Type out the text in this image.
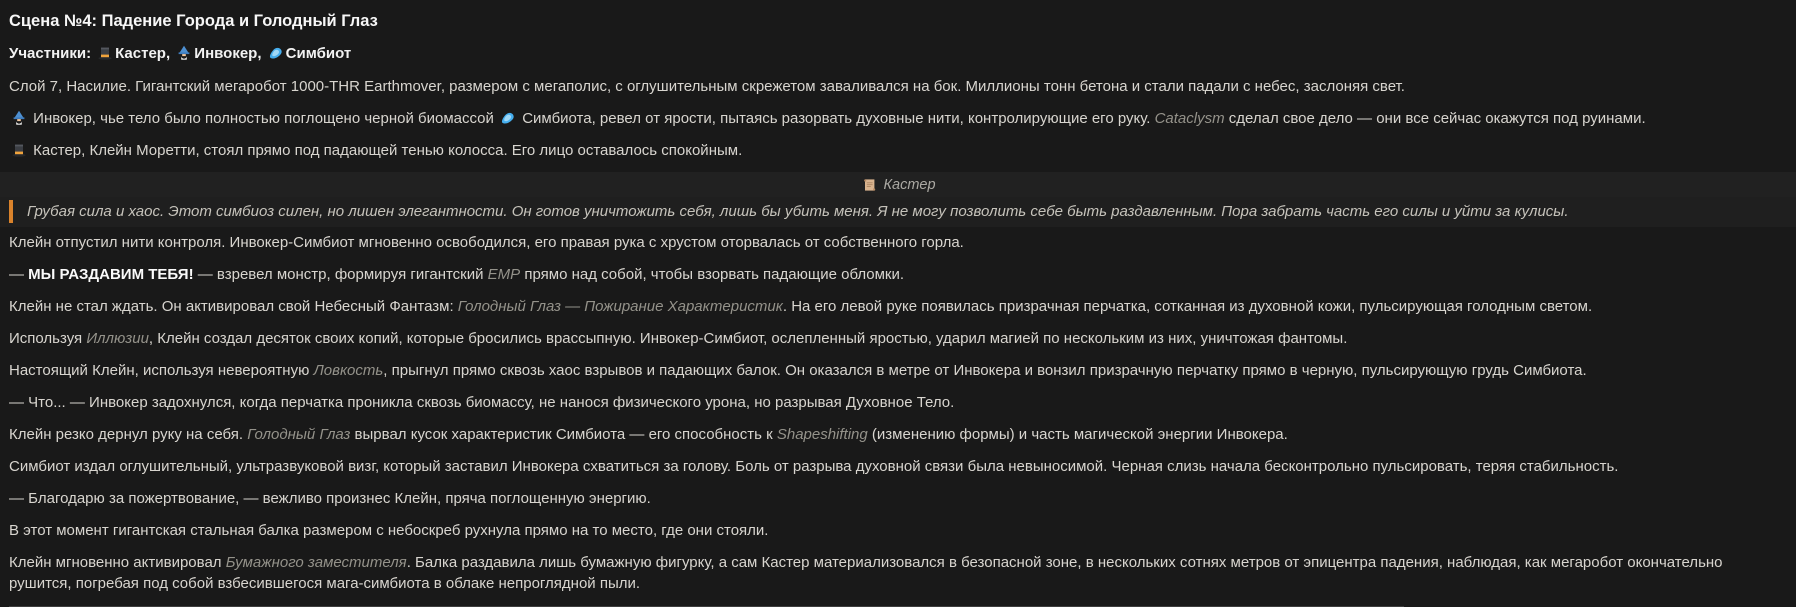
Сцена №4: Падение Города и Голодный Глаз
Участники: Кастер, Инвокер, Симбиот

Слой 7, Насилие. Гигантский мегаробот 1000-THR Earthmover, размером с мегаполис, с оглушительным скрежетом заваливался на бок. Миллионы тонн бетона и стали падали с небес, заслоняя свет.

Инвокер, чье тело было полностью поглощено черной биомассой  Симбиота, ревел от ярости, пытаясь разорвать духовные нити, контролирующие его руку. Cataclysm сделал свое дело — они все сейчас окажутся под руинами.

Кастер, Клейн Моретти, стоял прямо под падающей тенью колосса. Его лицо оставалось спокойным.

Кастер
Грубая сила и хаос. Этот симбиоз силен, но лишен элегантности. Он готов уничтожить себя, лишь бы убить меня. Я не могу позволить себе быть раздавленным. Пора забрать часть его силы и уйти за кулисы.

Клейн отпустил нити контроля. Инвокер-Симбиот мгновенно освободился, его правая рука с хрустом оторвалась от собственного горла.

— МЫ РАЗДАВИМ ТЕБЯ! — взревел монстр, формируя гигантский EMP прямо над собой, чтобы взорвать падающие обломки.

Клейн не стал ждать. Он активировал свой Небесный Фантазм: Голодный Глаз — Пожирание Характеристик. На его левой руке появилась призрачная перчатка, сотканная из духовной кожи, пульсирующая голодным светом.

Используя Иллюзии, Клейн создал десяток своих копий, которые бросились врассыпную. Инвокер-Симбиот, ослепленный яростью, ударил магией по нескольким из них, уничтожая фантомы.

Настоящий Клейн, используя невероятную Ловкость, прыгнул прямо сквозь хаос взрывов и падающих балок. Он оказался в метре от Инвокера и вонзил призрачную перчатку прямо в черную, пульсирующую грудь Симбиота.

— Что... — Инвокер задохнулся, когда перчатка проникла сквозь биомассу, не нанося физического урона, но разрывая Духовное Тело.

Клейн резко дернул руку на себя. Голодный Глаз вырвал кусок характеристик Симбиота — его способность к Shapeshifting (изменению формы) и часть магической энергии Инвокера.

Симбиот издал оглушительный, ультразвуковой визг, который заставил Инвокера схватиться за голову. Боль от разрыва духовной связи была невыносимой. Черная слизь начала бесконтрольно пульсировать, теряя стабильность.

— Благодарю за пожертвование, — вежливо произнес Клейн, пряча поглощенную энергию.

В этот момент гигантская стальная балка размером с небоскреб рухнула прямо на то место, где они стояли.

Клейн мгновенно активировал Бумажного заместителя. Балка раздавила лишь бумажную фигурку, а сам Кастер материализовался в безопасной зоне, в нескольких сотнях метров от эпицентра падения, наблюдая, как мегаробот окончательно рушится, погребая под собой взбесившегося мага-симбиота в облаке непроглядной пыли.
